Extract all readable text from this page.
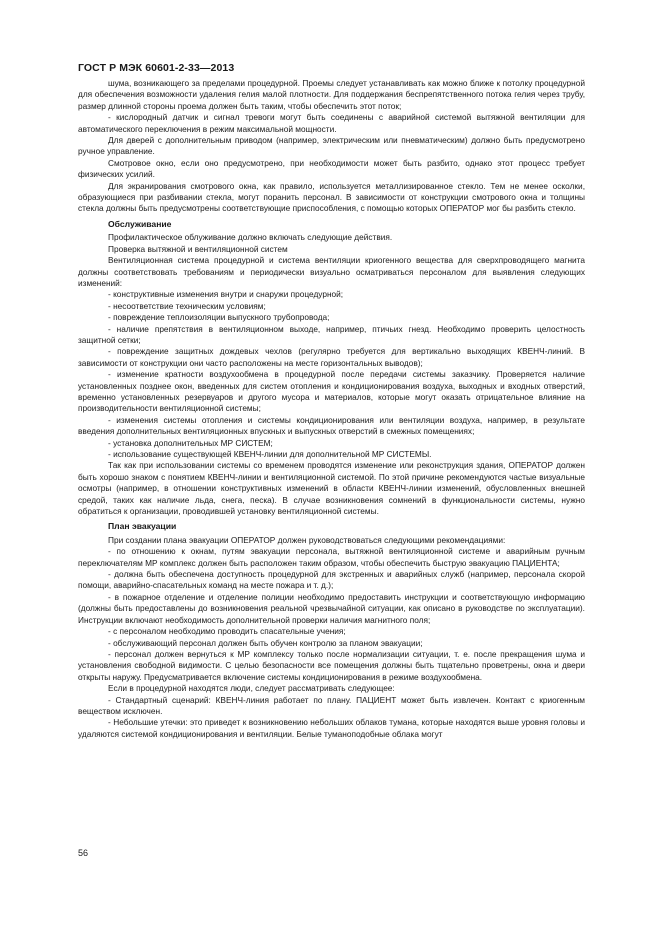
ГОСТ Р МЭК 60601-2-33—2013
шума, возникающего за пределами процедурной. Проемы следует устанавливать как можно ближе к потолку процедурной для обеспечения возможности удаления гелия малой плотности. Для поддержания беспрепятственного потока гелия через трубу, размер длинной стороны проема должен быть таким, чтобы обеспечить этот поток;
- кислородный датчик и сигнал тревоги могут быть соединены с аварийной системой вытяжной вентиляции для автоматического переключения в режим максимальной мощности.
Для дверей с дополнительным приводом (например, электрическим или пневматическим) должно быть предусмотрено ручное управление.
Смотровое окно, если оно предусмотрено, при необходимости может быть разбито, однако этот процесс требует физических усилий.
Для экранирования смотрового окна, как правило, используется металлизированное стекло. Тем не менее осколки, образующиеся при разбивании стекла, могут поранить персонал. В зависимости от конструкции смотрового окна и толщины стекла должны быть предусмотрены соответствующие приспособления, с помощью которых ОПЕРАТОР мог бы разбить стекло.
Обслуживание
Профилактическое облуживание должно включать следующие действия.
Проверка вытяжной и вентиляционной систем
Вентиляционная система процедурной и система вентиляции криогенного вещества для сверхпроводящего магнита должны соответствовать требованиям и периодически визуально осматриваться персоналом для выявления следующих изменений:
- конструктивные изменения внутри и снаружи процедурной;
- несоответствие техническим условиям;
- повреждение теплоизоляции выпускного трубопровода;
- наличие препятствия в вентиляционном выходе, например, птичьих гнезд. Необходимо проверить целостность защитной сетки;
- повреждение защитных дождевых чехлов (регулярно требуется для вертикально выходящих КВЕНЧ-линий. В зависимости от конструкции они часто расположены на месте горизонтальных выводов);
- изменение кратности воздухообмена в процедурной после передачи системы заказчику. Проверяется наличие установленных позднее окон, введенных для систем отопления и кондиционирования воздуха, выходных и входных отверстий, временно установленных резервуаров и другого мусора и материалов, которые могут оказать отрицательное влияние на производительности вентиляционной системы;
- изменения системы отопления и системы кондиционирования или вентиляции воздуха, например, в результате введения дополнительных вентиляционных впускных и выпускных отверстий в смежных помещениях;
- установка дополнительных МР СИСТЕМ;
- использование существующей КВЕНЧ-линии для дополнительной МР СИСТЕМЫ.
Так как при использовании системы со временем проводятся изменение или реконструкция здания, ОПЕРАТОР должен быть хорошо знаком с понятием КВЕНЧ-линии и вентиляционной системой. По этой причине рекомендуются частые визуальные осмотры (например, в отношении конструктивных изменений в области КВЕНЧ-линии изменений, обусловленных внешней средой, таких как наличие льда, снега, песка). В случае возникновения сомнений в функциональности системы, нужно обратиться к организации, проводившей установку вентиляционной системы.
План эвакуации
При создании плана эвакуации ОПЕРАТОР должен руководствоваться следующими рекомендациями:
- по отношению к окнам, путям эвакуации персонала, вытяжной вентиляционной системе и аварийным ручным переключателям МР комплекс должен быть расположен таким образом, чтобы обеспечить быструю эвакуацию ПАЦИЕНТА;
- должна быть обеспечена доступность процедурной для экстренных и аварийных служб (например, персонала скорой помощи, аварийно-спасательных команд на месте пожара и т. д.);
- в пожарное отделение и отделение полиции необходимо предоставить инструкции и соответствующую информацию (должны быть предоставлены до возникновения реальной чрезвычайной ситуации, как описано в руководстве по эксплуатации). Инструкции включают необходимость дополнительной проверки наличия магнитного поля;
- с персоналом необходимо проводить спасательные учения;
- обслуживающий персонал должен быть обучен контролю за планом эвакуации;
- персонал должен вернуться к МР комплексу только после нормализации ситуации, т. е. после прекращения шума и установления свободной видимости. С целью безопасности все помещения должны быть тщательно проветрены, окна и двери открыты наружу. Предусматривается включение системы кондиционирования в режиме воздухообмена.
Если в процедурной находятся люди, следует рассматривать следующее:
- Стандартный сценарий: КВЕНЧ-линия работает по плану. ПАЦИЕНТ может быть извлечен. Контакт с криогенным веществом исключен.
- Небольшие утечки: это приведет к возникновению небольших облаков тумана, которые находятся выше уровня головы и удаляются системой кондиционирования и вентиляции. Белые туманоподобные облака могут
56
